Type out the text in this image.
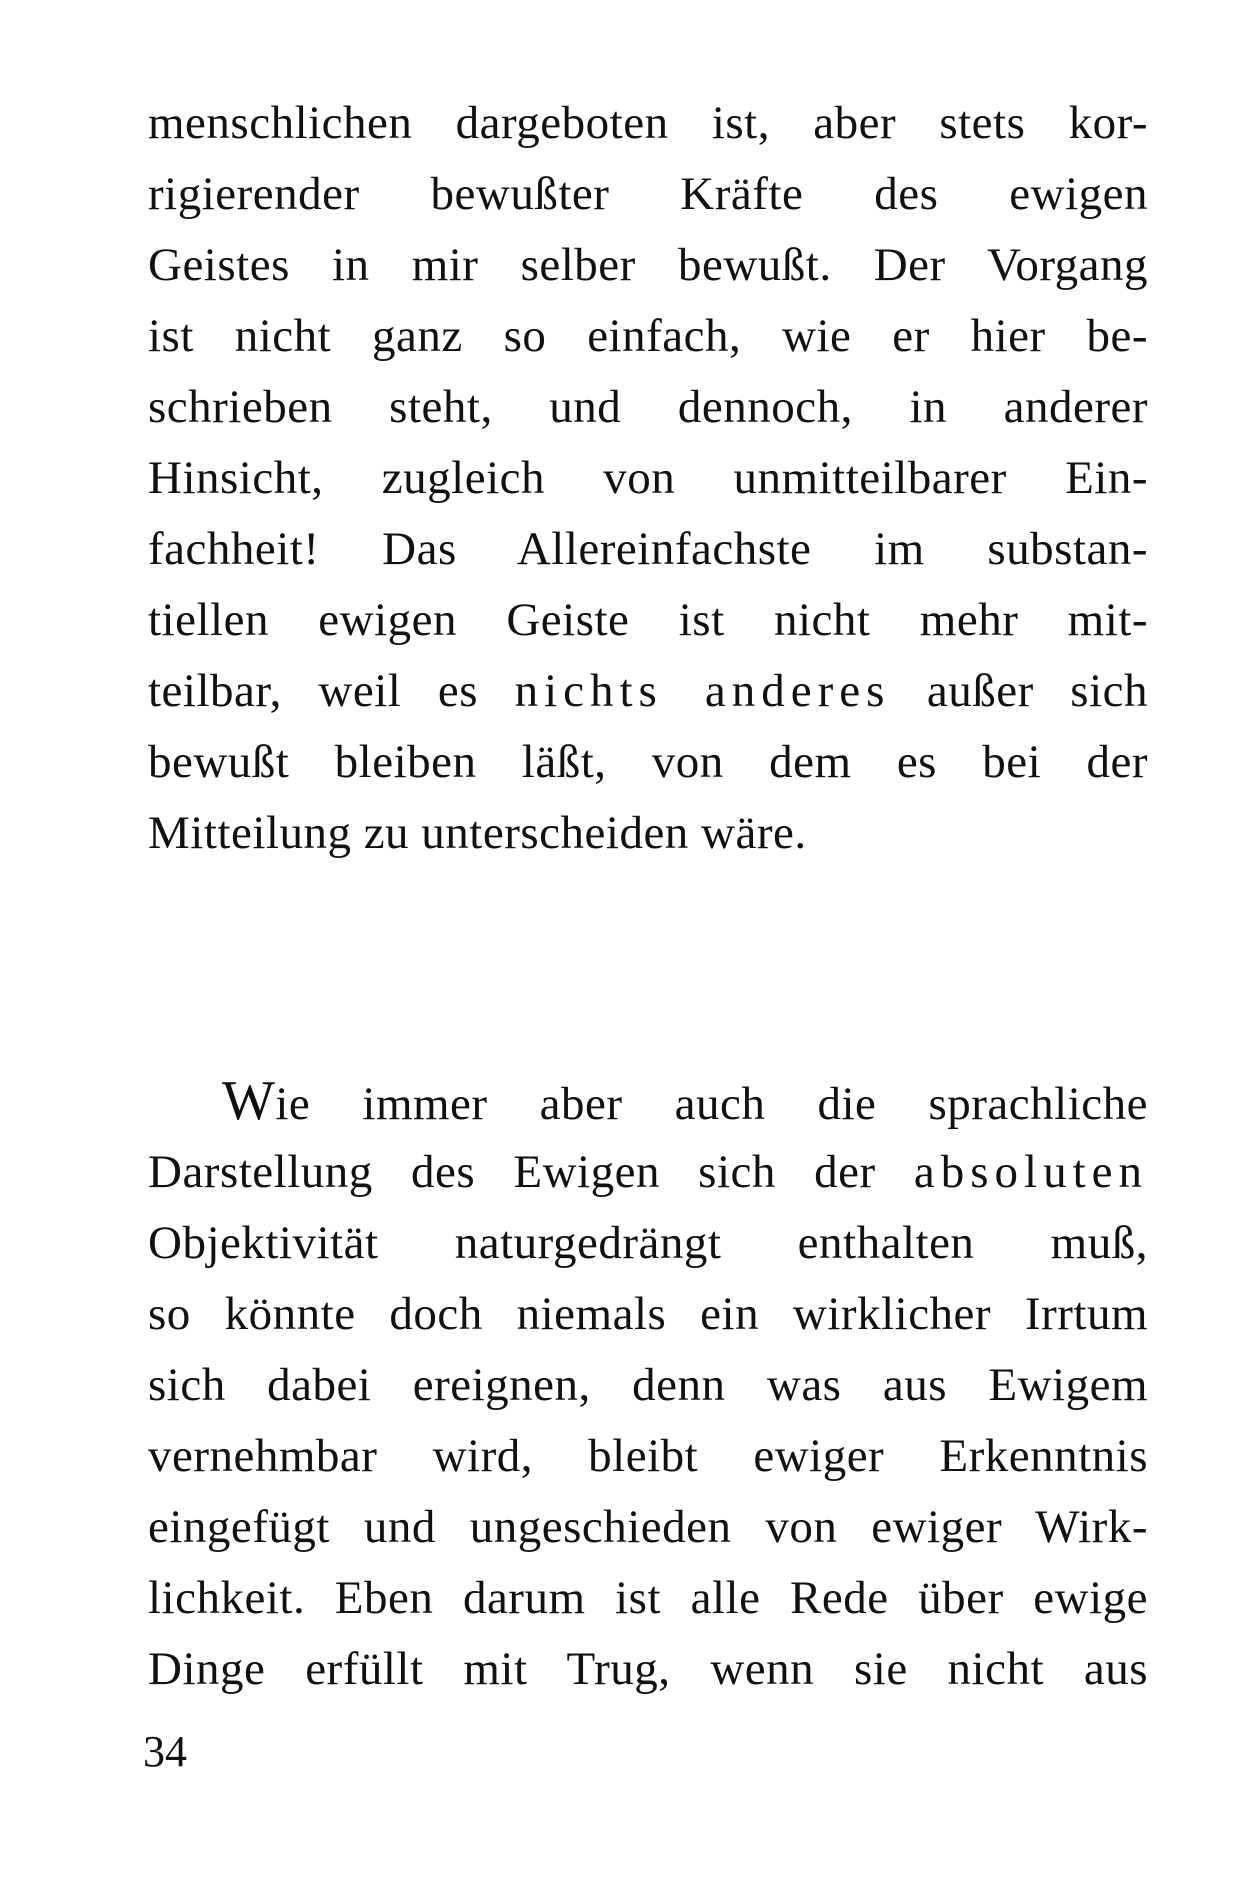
menschlichen dargeboten ist, aber stets kor-
rigierender bewußter Kräfte des ewigen
Geistes in mir selber bewußt. Der Vorgang
ist nicht ganz so einfach, wie er hier be-
schrieben steht, und dennoch, in anderer
Hinsicht, zugleich von unmitteilbarer Ein-
fachheit! Das Allereinfachste im substan-
tiellen ewigen Geiste ist nicht mehr mit-
teilbar, weil es nichts anderes außer sich
bewußt bleiben läßt, von dem es bei der
Mitteilung zu unterscheiden wäre.
Wie immer aber auch die sprachliche
Darstellung des Ewigen sich der absoluten
Objektivität naturgedrängt enthalten muß,
so könnte doch niemals ein wirklicher Irrtum
sich dabei ereignen, denn was aus Ewigem
vernehmbar wird, bleibt ewiger Erkenntnis
eingefügt und ungeschieden von ewiger Wirk-
lichkeit. Eben darum ist alle Rede über ewige
Dinge erfüllt mit Trug, wenn sie nicht aus
34
